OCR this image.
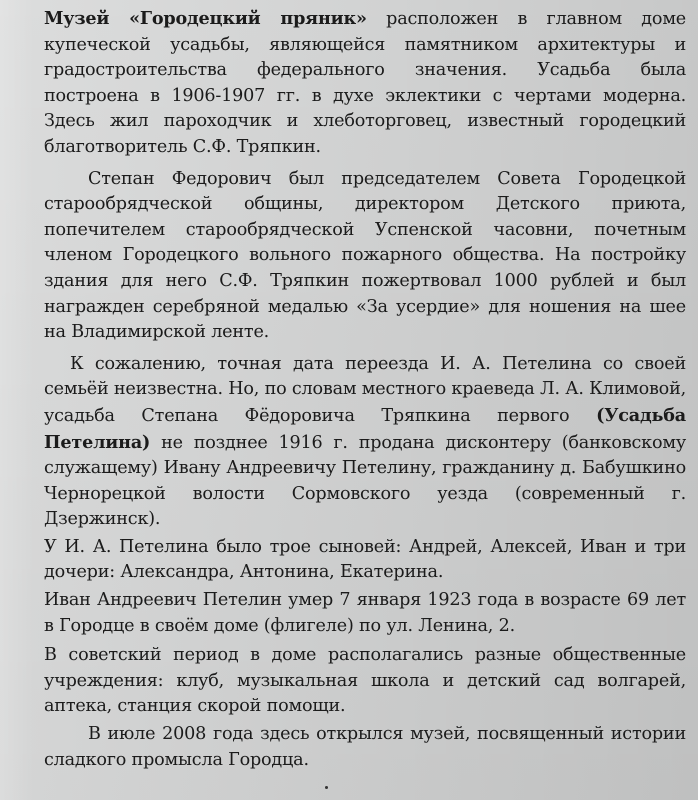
Музей «Городецкий пряник» расположен в главном доме купеческой усадьбы, являющейся памятником архитектуры и градостроительства федерального значения. Усадьба была построена в 1906-1907 гг. в духе эклектики с чертами модерна. Здесь жил пароходчик и хлеботорговец, известный городецкий благотворитель С.Ф. Тряпкин.

Степан Федорович был председателем Совета Городецкой старообрядческой общины, директором Детского приюта, попечителем старообрядческой Успенской часовни, почетным членом Городецкого вольного пожарного общества. На постройку здания для него С.Ф. Тряпкин пожертвовал 1000 рублей и был награжден серебряной медалью «За усердие» для ношения на шее на Владимирской ленте.

К сожалению, точная дата переезда И. А. Петелина со своей семьёй неизвестна. Но, по словам местного краеведа Л. А. Климовой, усадьба Степана Фёдоровича Тряпкина первого (Усадьба Петелина) не позднее 1916 г. продана дисконтеру (банковскому служащему) Ивану Андреевичу Петелину, гражданину д. Бабушкино Чернорецкой волости Сормовского уезда (современный г. Дзержинск).

У И. А. Петелина было трое сыновей: Андрей, Алексей, Иван и три дочери: Александра, Антонина, Екатерина.

Иван Андреевич Петелин умер 7 января 1923 года в возрасте 69 лет в Городце в своём доме (флигеле) по ул. Ленина, 2.

В советский период в доме располагались разные общественные учреждения: клуб, музыкальная школа и детский сад волгарей, аптека, станция скорой помощи.

В июле 2008 года здесь открылся музей, посвященный истории сладкого промысла Городца.
